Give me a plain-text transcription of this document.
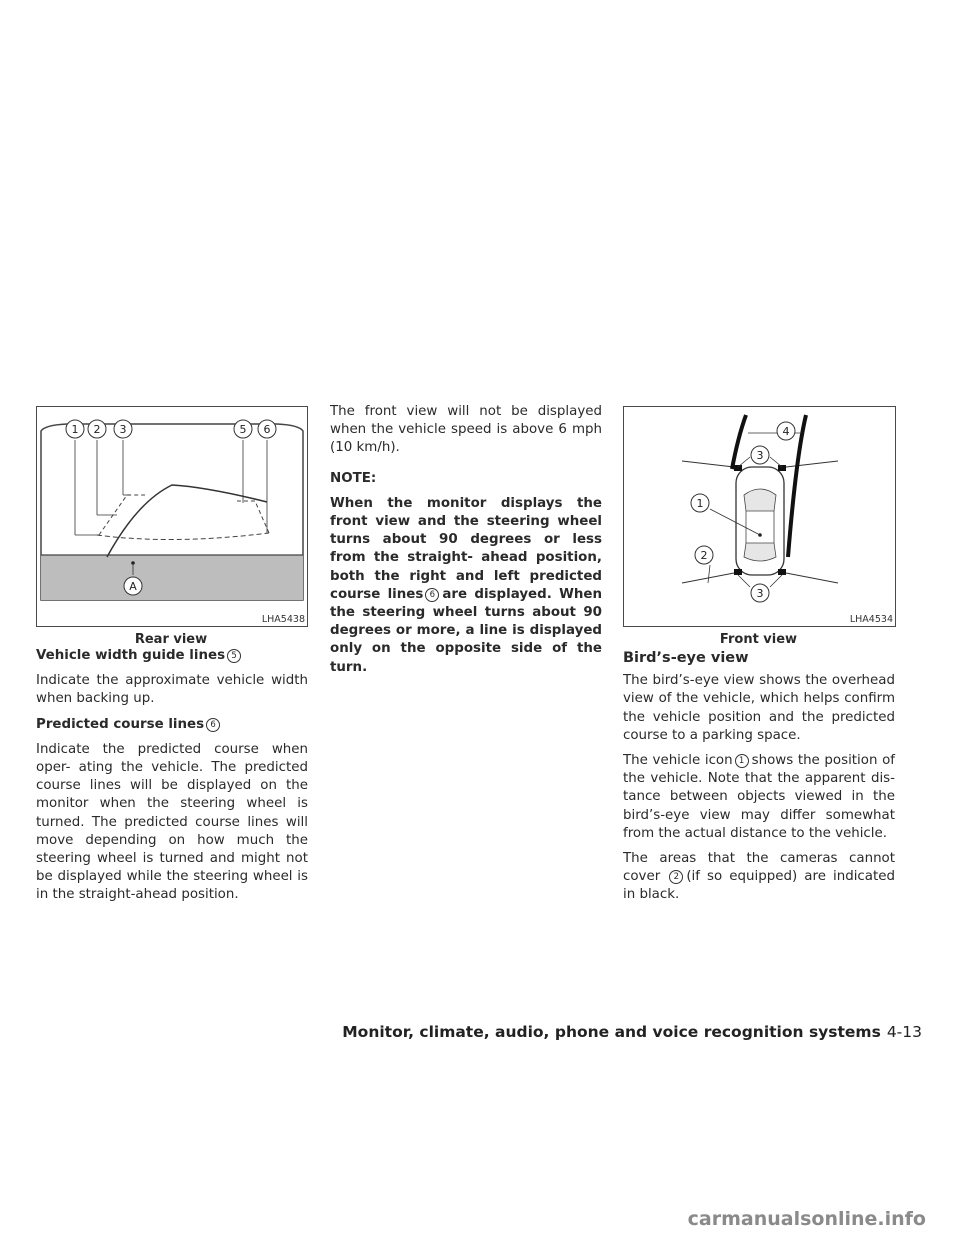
1 2 3	5 6
A
LHA5438
Rear view
Vehicle width guide lines 5

Indicate the approximate vehicle width when backing up.

Predicted course lines 6

Indicate the predicted course when oper- ating the vehicle. The predicted course lines will be displayed on the monitor when the steering wheel is turned. The predicted course lines will move depending on how much the steering wheel is turned and might not be displayed while the steering wheel is in the straight-ahead position.

The front view will not be displayed when the vehicle speed is above 6 mph (10 km/h).

NOTE:

When the monitor displays the front view and the steering wheel turns about 90 degrees or less from the straight- ahead position, both the right and left predicted course lines 6 are displayed. When the steering wheel turns about 90 degrees or more, a line is displayed only on the opposite side of the turn.

1
2
3
3
4
LHA4534
Front view
Bird’s-eye view

The bird’s-eye view shows the overhead view of the vehicle, which helps confirm the vehicle position and the predicted course to a parking space.

The vehicle icon 1 shows the position of the vehicle. Note that the apparent dis- tance between objects viewed in the bird’s-eye view may differ somewhat from the actual distance to the vehicle.

The areas that the cameras cannot cover 2 (if so equipped) are indicated in black.

Monitor, climate, audio, phone and voice recognition systems 4-13
carmanualsonline.info
